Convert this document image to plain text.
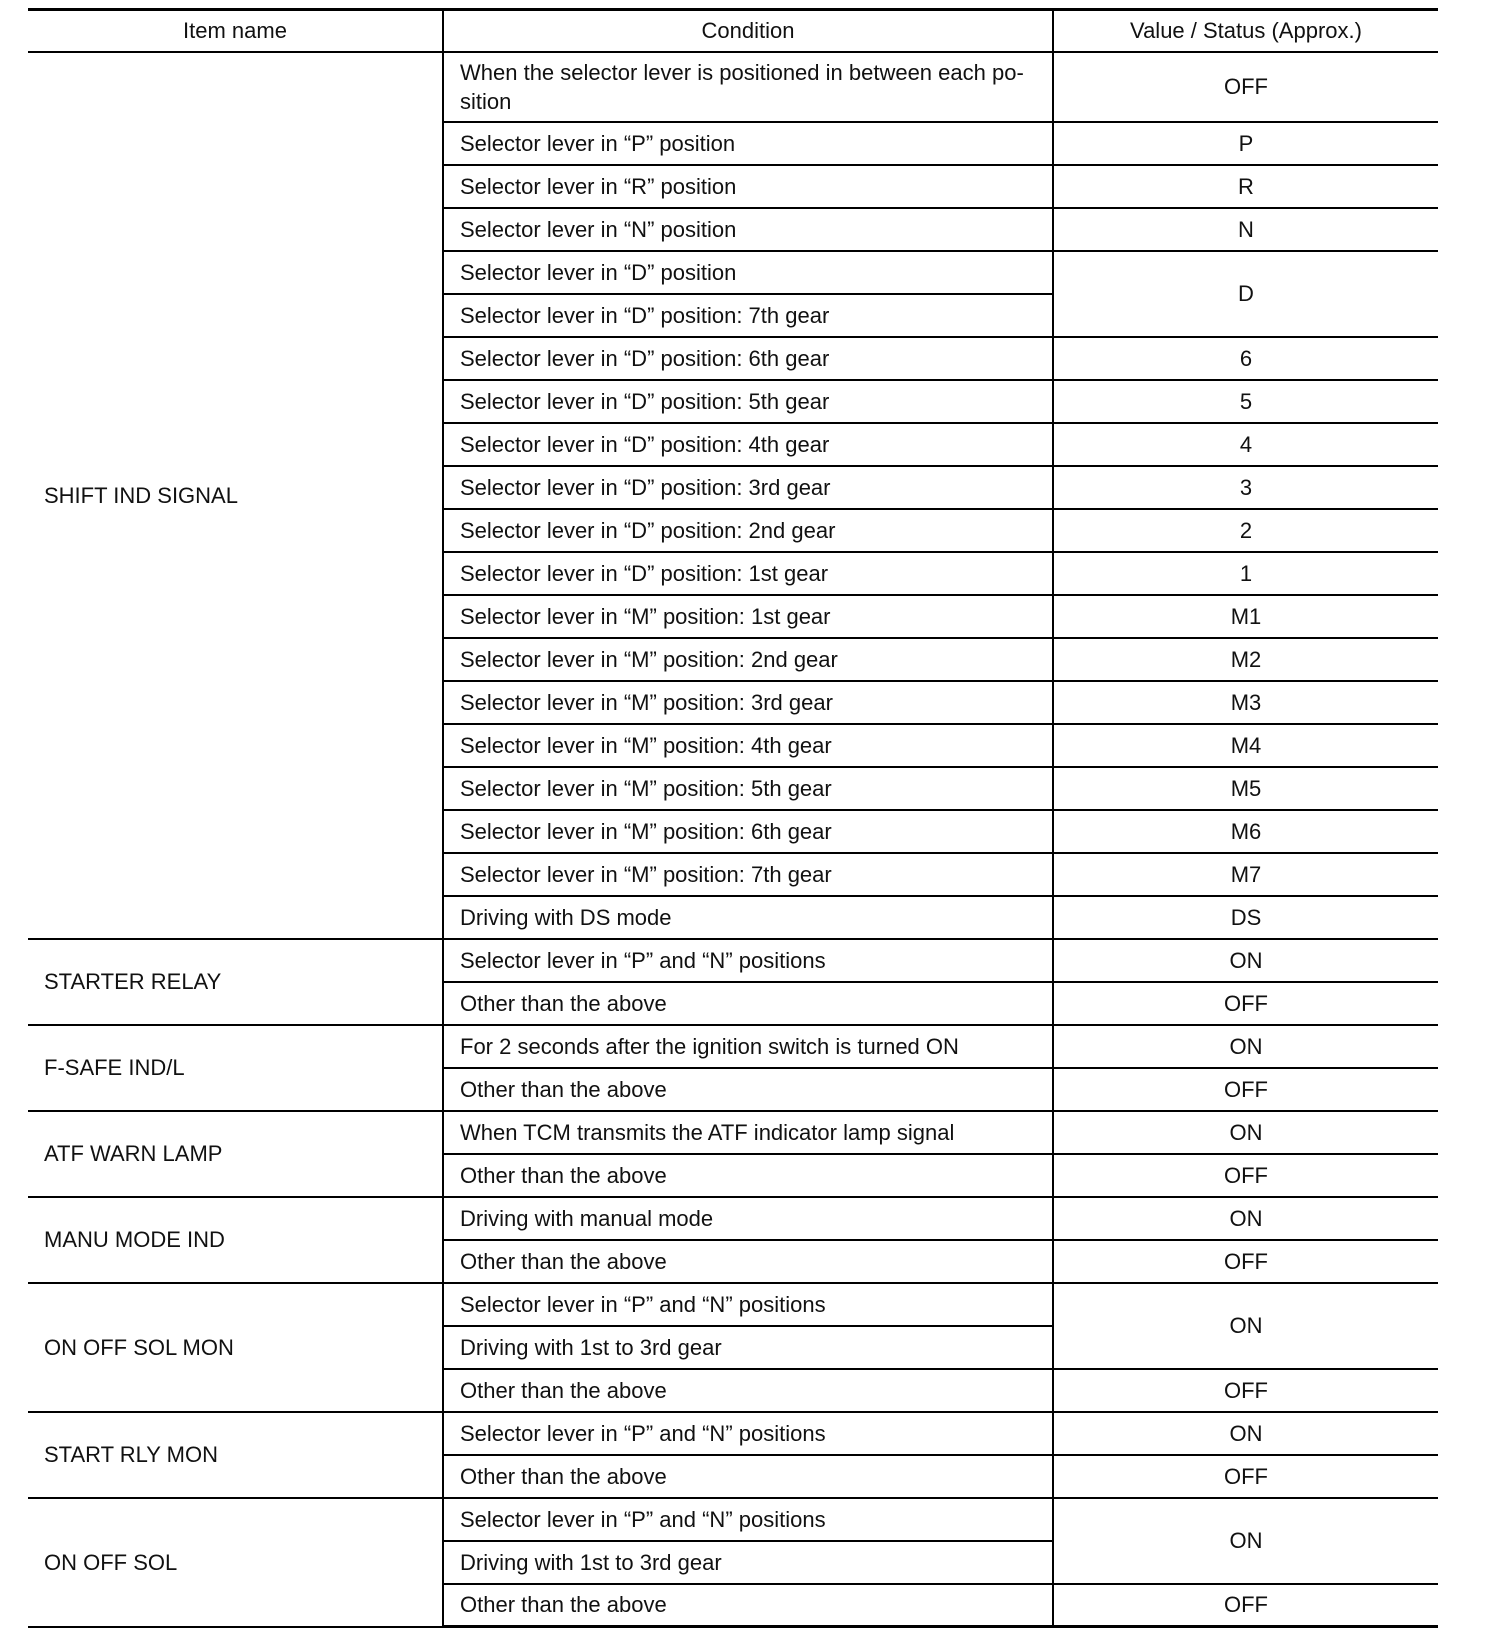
Item name	Condition	Value / Status (Approx.)
SHIFT IND SIGNAL	When the selector lever is positioned in between each po-sition	OFF
	Selector lever in “P” position	P
	Selector lever in “R” position	R
	Selector lever in “N” position	N
	Selector lever in “D” position	D
	Selector lever in “D” position: 7th gear	
	Selector lever in “D” position: 6th gear	6
	Selector lever in “D” position: 5th gear	5
	Selector lever in “D” position: 4th gear	4
	Selector lever in “D” position: 3rd gear	3
	Selector lever in “D” position: 2nd gear	2
	Selector lever in “D” position: 1st gear	1
	Selector lever in “M” position: 1st gear	M1
	Selector lever in “M” position: 2nd gear	M2
	Selector lever in “M” position: 3rd gear	M3
	Selector lever in “M” position: 4th gear	M4
	Selector lever in “M” position: 5th gear	M5
	Selector lever in “M” position: 6th gear	M6
	Selector lever in “M” position: 7th gear	M7
	Driving with DS mode	DS
STARTER RELAY	Selector lever in “P” and “N” positions	ON
	Other than the above	OFF
F-SAFE IND/L	For 2 seconds after the ignition switch is turned ON	ON
	Other than the above	OFF
ATF WARN LAMP	When TCM transmits the ATF indicator lamp signal	ON
	Other than the above	OFF
MANU MODE IND	Driving with manual mode	ON
	Other than the above	OFF
ON OFF SOL MON	Selector lever in “P” and “N” positions	ON
	Driving with 1st to 3rd gear	
	Other than the above	OFF
START RLY MON	Selector lever in “P” and “N” positions	ON
	Other than the above	OFF
ON OFF SOL	Selector lever in “P” and “N” positions	ON
	Driving with 1st to 3rd gear	
	Other than the above	OFF
